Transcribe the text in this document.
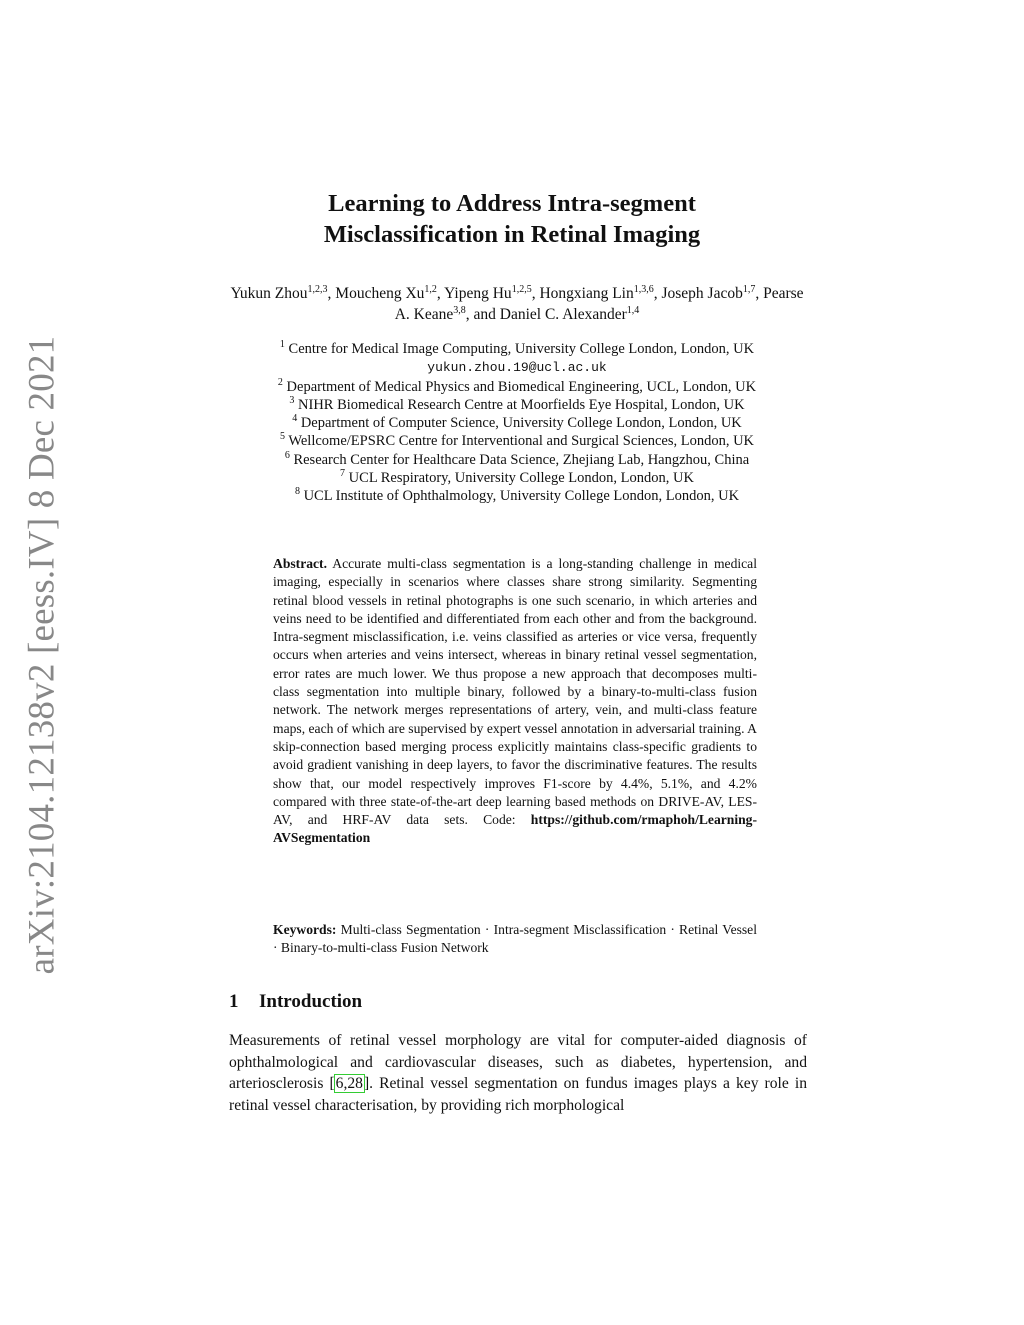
arXiv:2104.12138v2 [eess.IV] 8 Dec 2021
Learning to Address Intra-segment
Misclassification in Retinal Imaging
Yukun Zhou$^{1,2,3}$, Moucheng Xu$^{1,2}$, Yipeng Hu$^{1,2,5}$, Hongxiang Lin$^{1,3,6}$, Joseph Jacob$^{1,7}$, Pearse A. Keane$^{3,8}$, and Daniel C. Alexander$^{1,4}$
$^1$ Centre for Medical Image Computing, University College London, London, UK
yukun.zhou.19@ucl.ac.uk
$^2$ Department of Medical Physics and Biomedical Engineering, UCL, London, UK
$^3$ NIHR Biomedical Research Centre at Moorfields Eye Hospital, London, UK
$^4$ Department of Computer Science, University College London, London, UK
$^5$ Wellcome/EPSRC Centre for Interventional and Surgical Sciences, London, UK
$^6$ Research Center for Healthcare Data Science, Zhejiang Lab, Hangzhou, China
$^7$ UCL Respiratory, University College London, London, UK
$^8$ UCL Institute of Ophthalmology, University College London, London, UK
Abstract. Accurate multi-class segmentation is a long-standing challenge in medical imaging, especially in scenarios where classes share strong similarity. Segmenting retinal blood vessels in retinal photographs is one such scenario, in which arteries and veins need to be identified and differentiated from each other and from the background. Intra-segment misclassification, i.e. veins classified as arteries or vice versa, frequently occurs when arteries and veins intersect, whereas in binary retinal vessel segmentation, error rates are much lower. We thus propose a new approach that decomposes multi-class segmentation into multiple binary, followed by a binary-to-multi-class fusion network. The network merges representations of artery, vein, and multi-class feature maps, each of which are supervised by expert vessel annotation in adversarial training. A skip-connection based merging process explicitly maintains class-specific gradients to avoid gradient vanishing in deep layers, to favor the discriminative features. The results show that, our model respectively improves F1-score by 4.4%, 5.1%, and 4.2% compared with three state-of-the-art deep learning based methods on DRIVE-AV, LES-AV, and HRF-AV data sets. Code: https://github.com/rmaphoh/Learning-AVSegmentation
Keywords: Multi-class Segmentation · Intra-segment Misclassification · Retinal Vessel · Binary-to-multi-class Fusion Network
1 Introduction
Measurements of retinal vessel morphology are vital for computer-aided diagnosis of ophthalmological and cardiovascular diseases, such as diabetes, hypertension, and arteriosclerosis [6,28]. Retinal vessel segmentation on fundus images plays a key role in retinal vessel characterisation, by providing rich morphological
